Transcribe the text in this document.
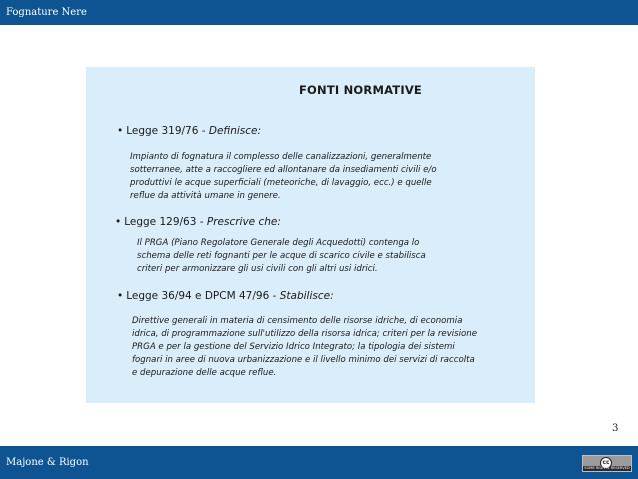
Fognature Nere
FONTI NORMATIVE
• Legge 319/76 - Definisce:
Impianto di fognatura il complesso delle canalizzazioni, generalmente
sotterranee, atte a raccogliere ed allontanare da insediamenti civili e/o
produttivi le acque superficiali (meteoriche, di lavaggio, ecc.) e quelle
reflue da attività umane in genere.
• Legge 129/63 - Prescrive che:
Il PRGA (Piano Regolatore Generale degli Acquedotti) contenga lo
schema delle reti fognanti per le acque di scarico civile e stabilisca
criteri per armonizzare gli usi civili con gli altri usi idrici.
• Legge 36/94 e DPCM 47/96 - Stabilisce:
Direttive generali in materia di censimento delle risorse idriche, di economia
idrica, di programmazione sull'utilizzo della risorsa idrica; criteri per la revisione
PRGA e per la gestione del Servizio Idrico Integrato; la tipologia dei sistemi
fognari in aree di nuova urbanizzazione e il livello minimo dei servizi di raccolta
e depurazione delle acque reflue.
3
Majone & Rigon	cc
SOME RIGHTS RESERVED
